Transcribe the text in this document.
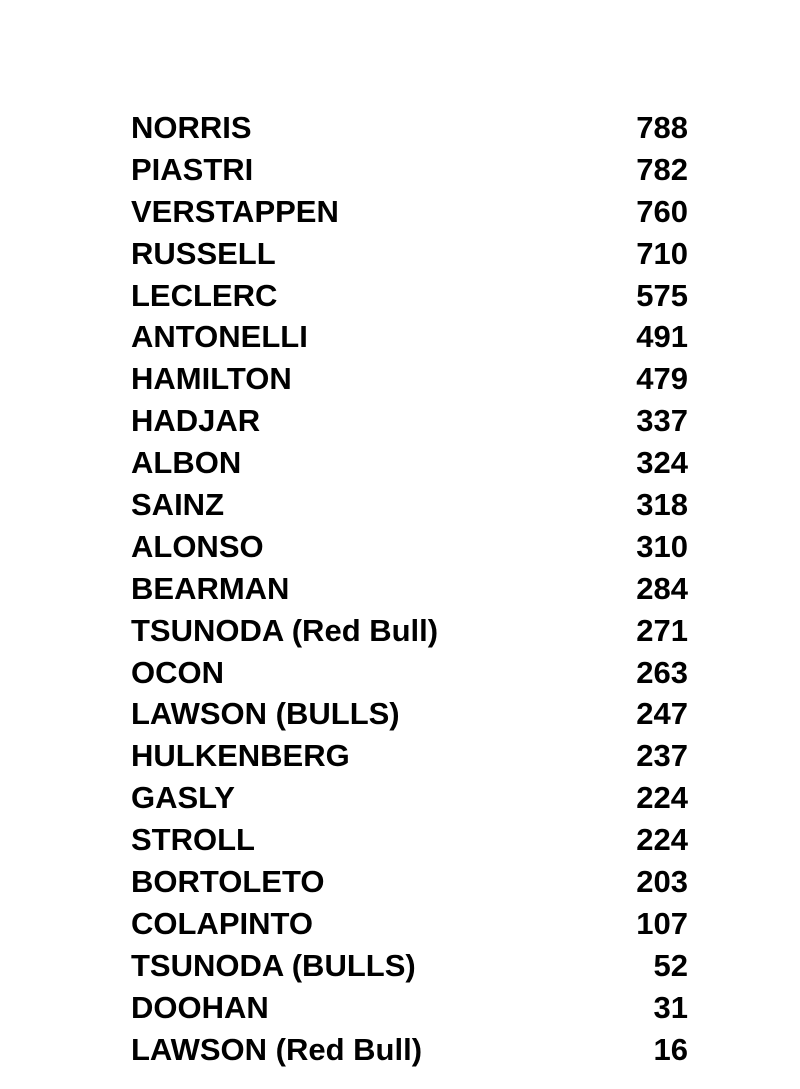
NORRIS	788
PIASTRI	782
VERSTAPPEN	760
RUSSELL	710
LECLERC	575
ANTONELLI	491
HAMILTON	479
HADJAR	337
ALBON	324
SAINZ	318
ALONSO	310
BEARMAN	284
TSUNODA (Red Bull)	271
OCON	263
LAWSON (BULLS)	247
HULKENBERG	237
GASLY	224
STROLL	224
BORTOLETO	203
COLAPINTO	107
TSUNODA (BULLS)	52
DOOHAN	31
LAWSON (Red Bull)	16
